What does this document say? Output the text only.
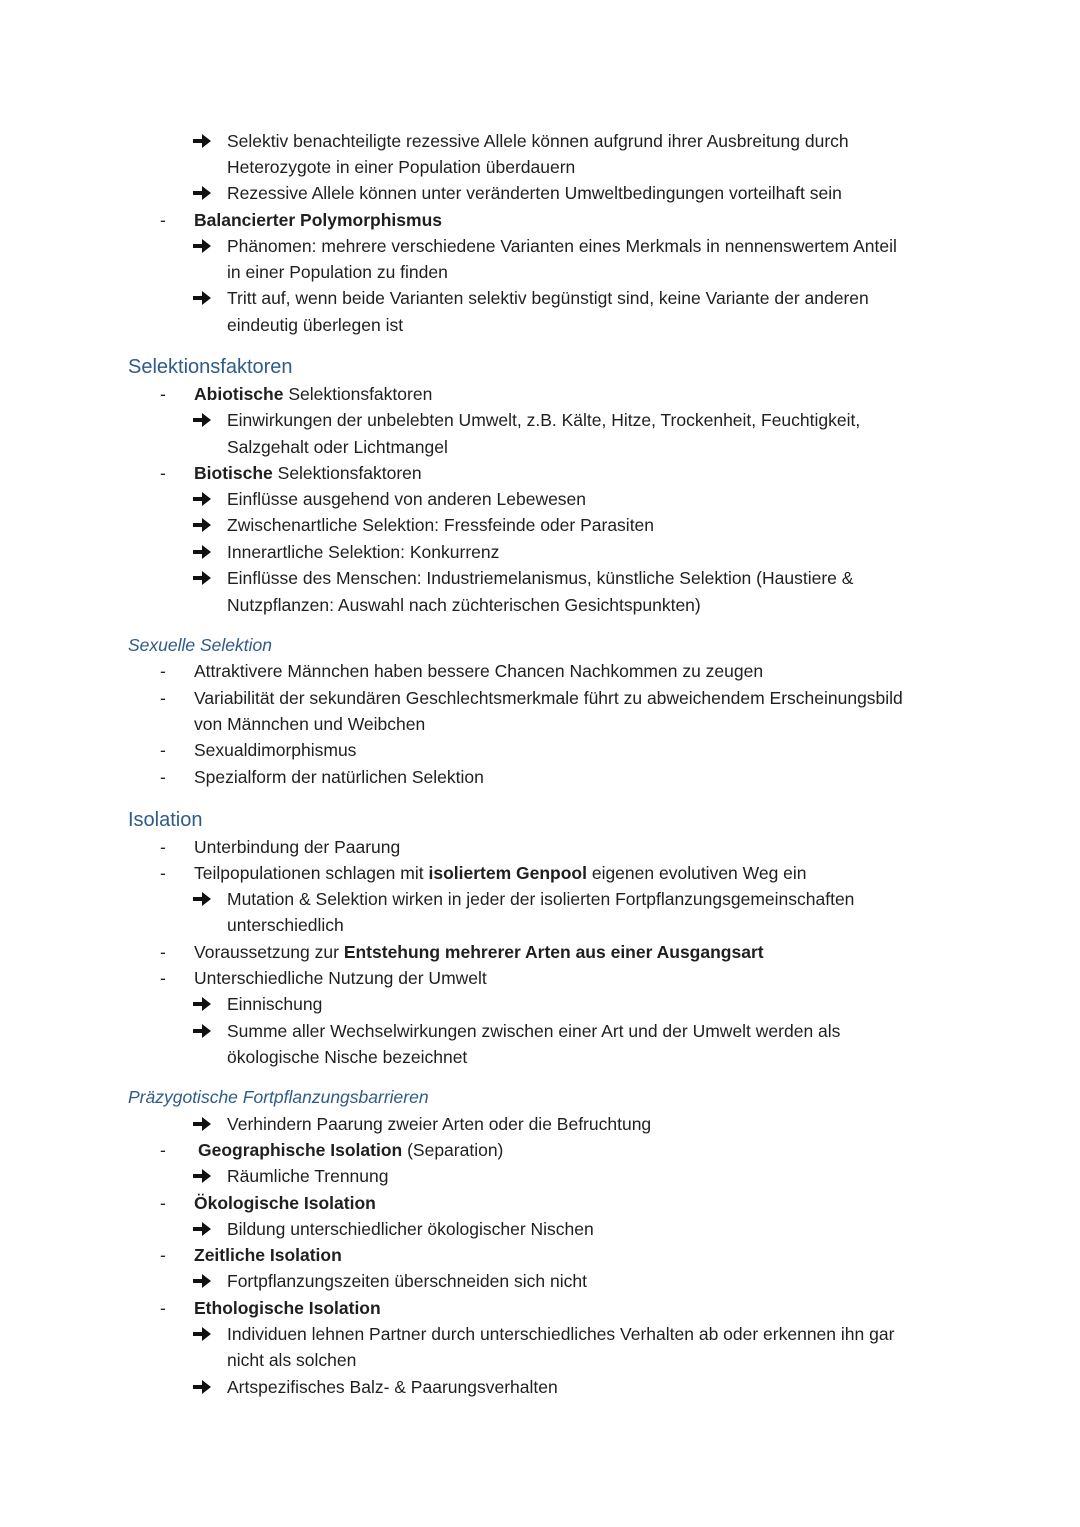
Selektiv benachteiligte rezessive Allele können aufgrund ihrer Ausbreitung durch
Heterozygote in einer Population überdauern
Rezessive Allele können unter veränderten Umweltbedingungen vorteilhaft sein
- Balancierter Polymorphismus
Phänomen: mehrere verschiedene Varianten eines Merkmals in nennenswertem Anteil
in einer Population zu finden
Tritt auf, wenn beide Varianten selektiv begünstigt sind, keine Variante der anderen
eindeutig überlegen ist
Selektionsfaktoren
- Abiotische Selektionsfaktoren
Einwirkungen der unbelebten Umwelt, z.B. Kälte, Hitze, Trockenheit, Feuchtigkeit,
Salzgehalt oder Lichtmangel
- Biotische Selektionsfaktoren
Einflüsse ausgehend von anderen Lebewesen
Zwischenartliche Selektion: Fressfeinde oder Parasiten
Innerartliche Selektion: Konkurrenz
Einflüsse des Menschen: Industriemelanismus, künstliche Selektion (Haustiere &
Nutzpflanzen: Auswahl nach züchterischen Gesichtspunkten)
Sexuelle Selektion
- Attraktivere Männchen haben bessere Chancen Nachkommen zu zeugen
- Variabilität der sekundären Geschlechtsmerkmale führt zu abweichendem Erscheinungsbild
von Männchen und Weibchen
- Sexualdimorphismus
- Spezialform der natürlichen Selektion
Isolation
- Unterbindung der Paarung
- Teilpopulationen schlagen mit isoliertem Genpool eigenen evolutiven Weg ein
Mutation & Selektion wirken in jeder der isolierten Fortpflanzungsgemeinschaften
unterschiedlich
- Voraussetzung zur Entstehung mehrerer Arten aus einer Ausgangsart
- Unterschiedliche Nutzung der Umwelt
Einnischung
Summe aller Wechselwirkungen zwischen einer Art und der Umwelt werden als
ökologische Nische bezeichnet
Präzygotische Fortpflanzungsbarrieren
Verhindern Paarung zweier Arten oder die Befruchtung
- Geographische Isolation (Separation)
Räumliche Trennung
- Ökologische Isolation
Bildung unterschiedlicher ökologischer Nischen
- Zeitliche Isolation
Fortpflanzungszeiten überschneiden sich nicht
- Ethologische Isolation
Individuen lehnen Partner durch unterschiedliches Verhalten ab oder erkennen ihn gar
nicht als solchen
Artspezifisches Balz- & Paarungsverhalten
